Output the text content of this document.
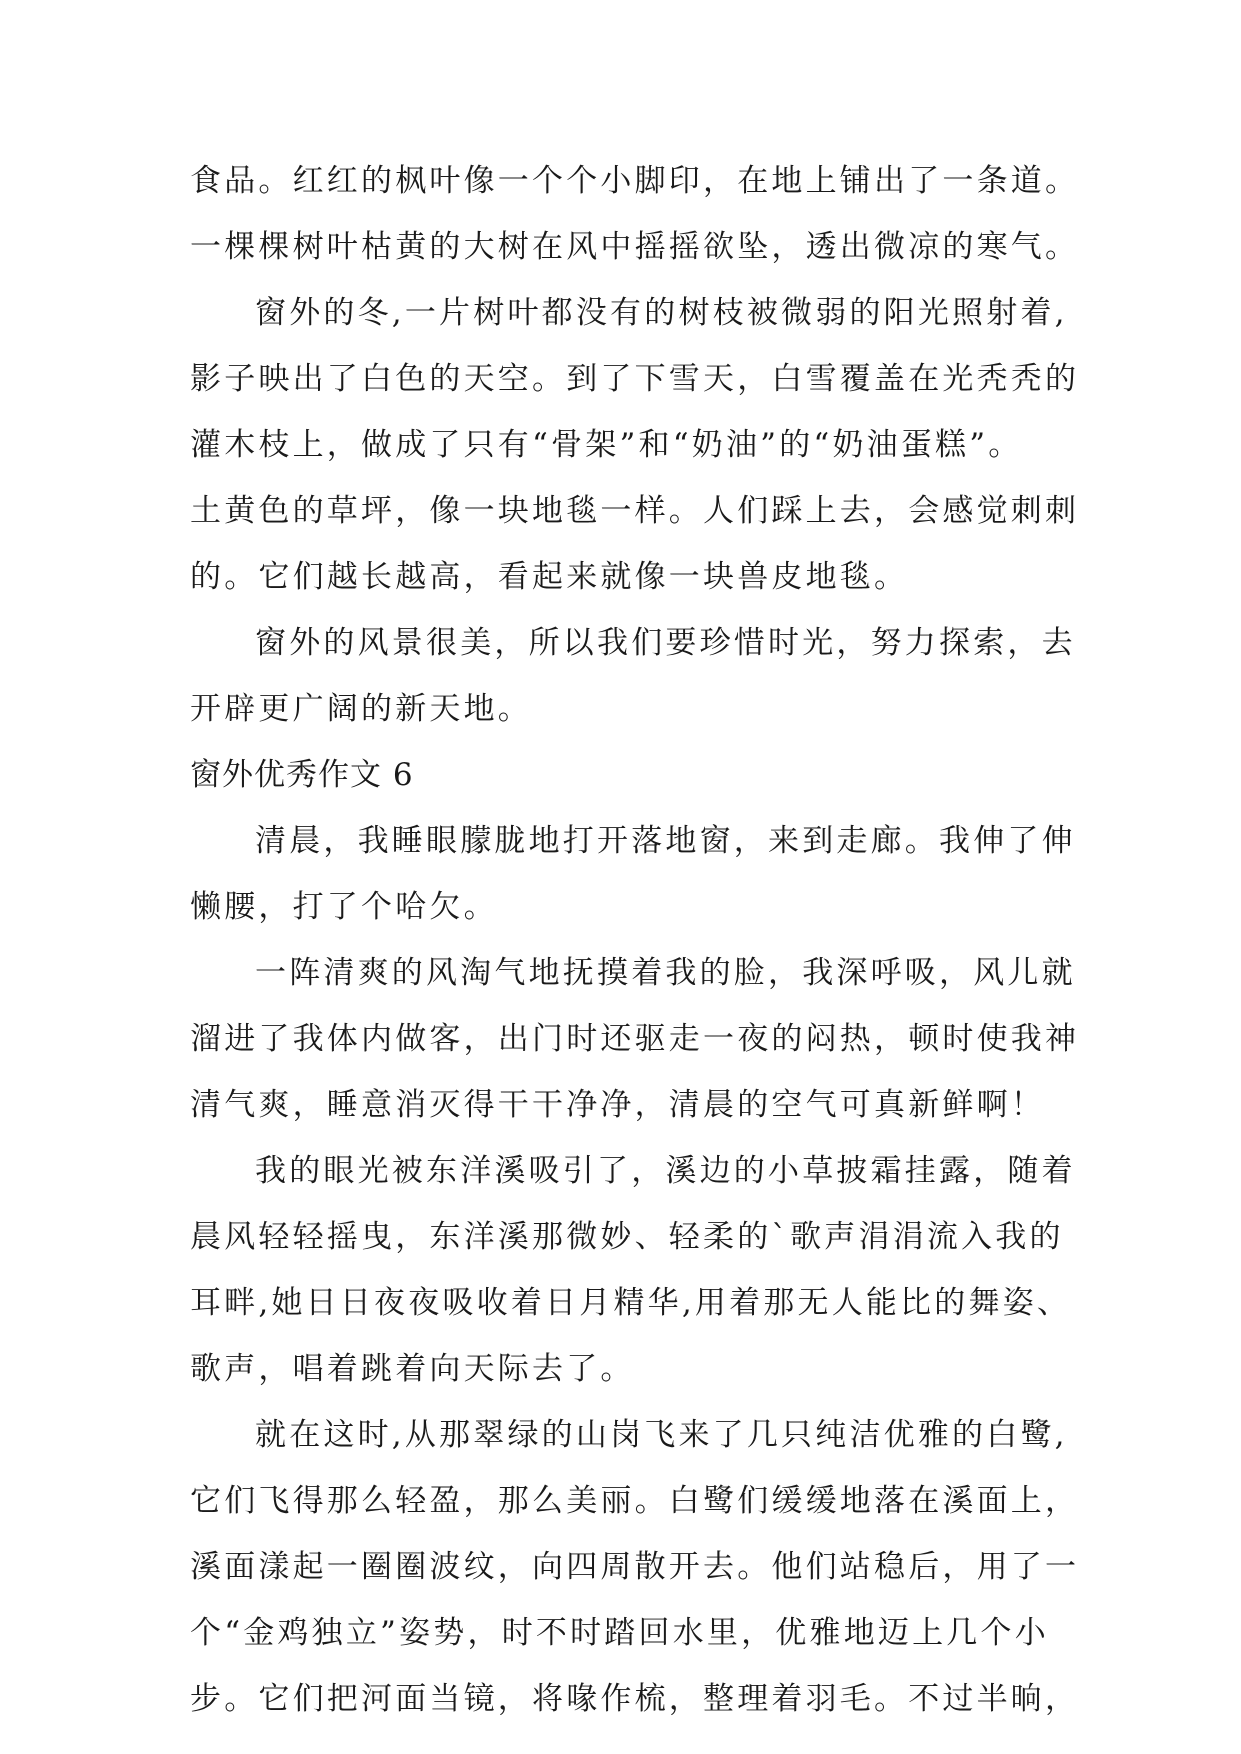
食品。红红的枫叶像一个个小脚印，在地上铺出了一条道。
一棵棵树叶枯黄的大树在风中摇摇欲坠，透出微凉的寒气。
窗外的冬,一片树叶都没有的树枝被微弱的阳光照射着,
影子映出了白色的天空。到了下雪天，白雪覆盖在光秃秃的
灌木枝上，做成了只有“骨架”和“奶油”的“奶油蛋糕”。
土黄色的草坪，像一块地毯一样。人们踩上去，会感觉刺刺
的。它们越长越高，看起来就像一块兽皮地毯。
窗外的风景很美，所以我们要珍惜时光，努力探索，去
开辟更广阔的新天地。
窗外优秀作文 6
清晨，我睡眼朦胧地打开落地窗，来到走廊。我伸了伸
懒腰，打了个哈欠。
一阵清爽的风淘气地抚摸着我的脸，我深呼吸，风儿就
溜进了我体内做客，出门时还驱走一夜的闷热，顿时使我神
清气爽，睡意消灭得干干净净，清晨的空气可真新鲜啊！
我的眼光被东洋溪吸引了，溪边的小草披霜挂露，随着
晨风轻轻摇曳，东洋溪那微妙、轻柔的`歌声涓涓流入我的
耳畔,她日日夜夜吸收着日月精华,用着那无人能比的舞姿、
歌声，唱着跳着向天际去了。
就在这时,从那翠绿的山岗飞来了几只纯洁优雅的白鹭,
它们飞得那么轻盈，那么美丽。白鹭们缓缓地落在溪面上，
溪面漾起一圈圈波纹，向四周散开去。他们站稳后，用了一
个“金鸡独立”姿势，时不时踏回水里，优雅地迈上几个小
步。它们把河面当镜，将喙作梳，整理着羽毛。不过半晌，
